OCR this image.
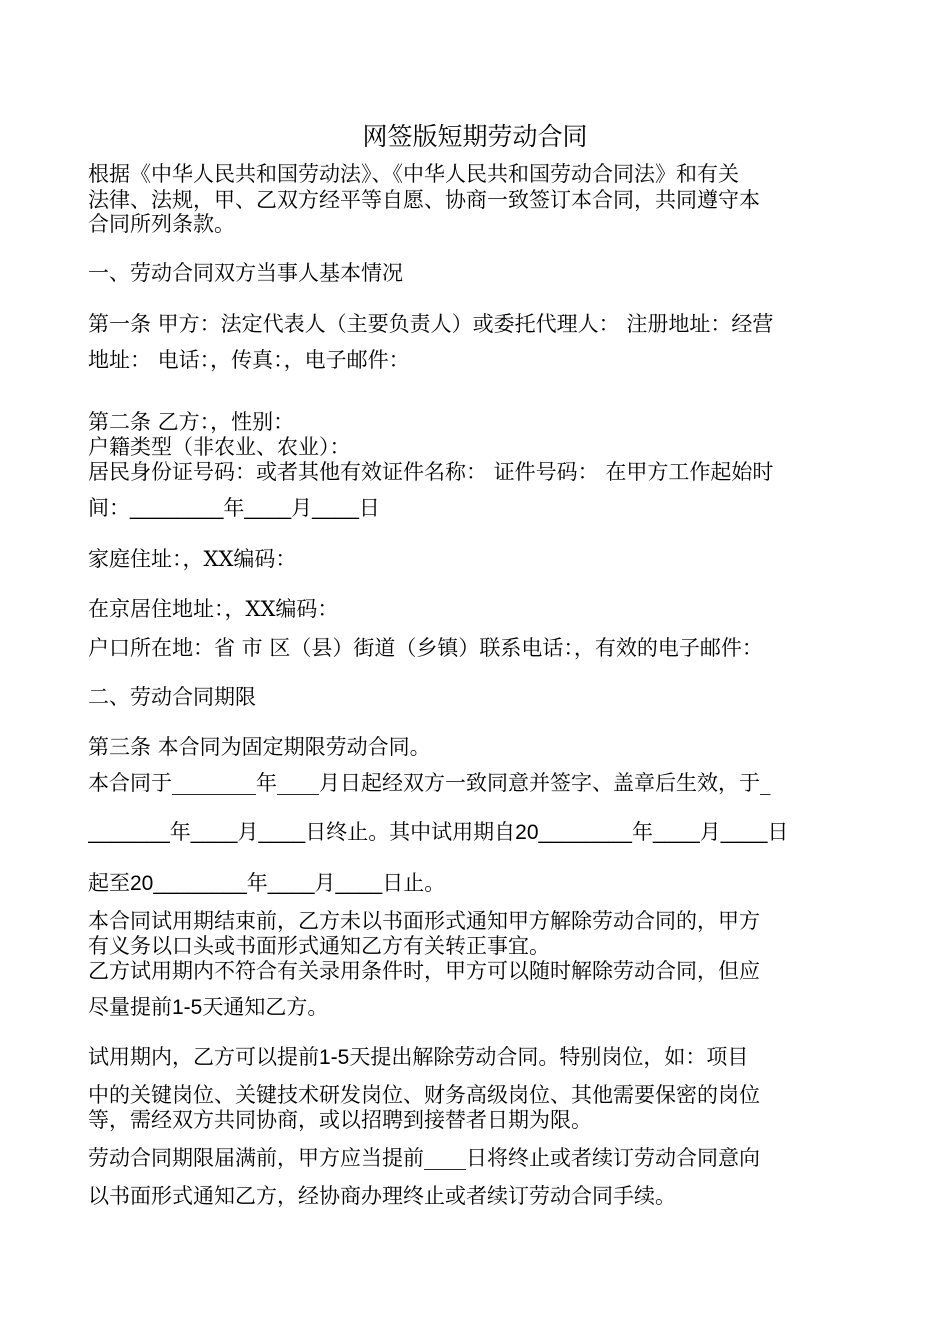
网签版短期劳动合同

根据《中华人民共和国劳动法》、《中华人民共和国劳动合同法》和有关

法律、法规，甲、乙双方经平等自愿、协商一致签订本合同，共同遵守本

合同所列条款。

一、劳动合同双方当事人基本情况

第一条 甲方：法定代表人（主要负责人）或委托代理人： 注册地址：经营

地址： 电话：，传真：，电子邮件：

第二条 乙方：，性别：

户籍类型（非农业、农业）：

居民身份证号码：或者其他有效证件名称： 证件号码： 在甲方工作起始时

间：________年____月____日

家庭住址：，XX编码：

在京居住地址：，XX编码：

户口所在地：省 市 区（县）街道（乡镇）联系电话：，有效的电子邮件：

二、劳动合同期限

第三条 本合同为固定期限劳动合同。

本合同于________年____月日起经双方一致同意并签字、盖章后生效，于_

_______年____月____日终止。其中试用期自20________年____月____日

起至20________年____月____日止。

本合同试用期结束前，乙方未以书面形式通知甲方解除劳动合同的，甲方

有义务以口头或书面形式通知乙方有关转正事宜。

乙方试用期内不符合有关录用条件时，甲方可以随时解除劳动合同，但应

尽量提前1-5天通知乙方。

试用期内，乙方可以提前1-5天提出解除劳动合同。特别岗位，如：项目

中的关键岗位、关键技术研发岗位、财务高级岗位、其他需要保密的岗位

等，需经双方共同协商，或以招聘到接替者日期为限。

劳动合同期限届满前，甲方应当提前____日将终止或者续订劳动合同意向

以书面形式通知乙方，经协商办理终止或者续订劳动合同手续。
